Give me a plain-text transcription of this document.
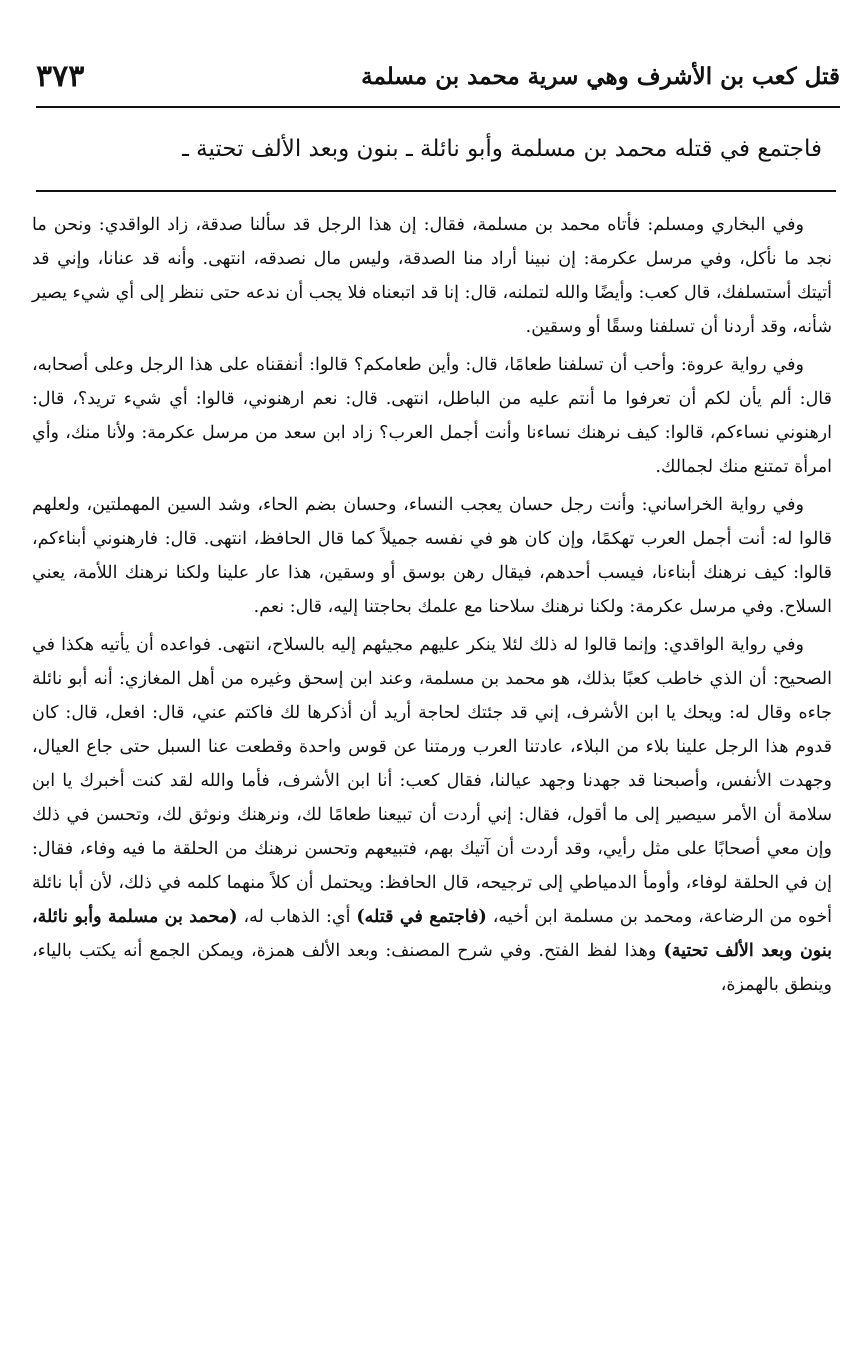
قتل كعب بن الأشرف وهي سرية محمد بن مسلمة
٣٧٣
فاجتمع في قتله محمد بن مسلمة وأبو نائلة ـ بنون وبعد الألف تحتية ـ

وفي البخاري ومسلم: فأتاه محمد بن مسلمة، فقال: إن هذا الرجل قد سألنا صدقة، زاد الواقدي: ونحن ما نجد ما نأكل، وفي مرسل عكرمة: إن نبينا أراد منا الصدقة، وليس مال نصدقه، انتهى. وأنه قد عنانا، وإني قد أتيتك أستسلفك، قال كعب: وأيضًا والله لتملنه، قال: إنا قد اتبعناه فلا يجب أن ندعه حتى ننظر إلى أي شيء يصير شأنه، وقد أردنا أن تسلفنا وسقًا أو وسقين.

وفي رواية عروة: وأحب أن تسلفنا طعامًا، قال: وأين طعامكم؟ قالوا: أنفقناه على هذا الرجل وعلى أصحابه، قال: ألم يأن لكم أن تعرفوا ما أنتم عليه من الباطل، انتهى. قال: نعم ارهنوني، قالوا: أي شيء تريد؟، قال: ارهنوني نساءكم، قالوا: كيف نرهنك نساءنا وأنت أجمل العرب؟ زاد ابن سعد من مرسل عكرمة: ولأنا منك، وأي امرأة تمتنع منك لجمالك.

وفي رواية الخراساني: وأنت رجل حسان يعجب النساء، وحسان بضم الحاء، وشد السين المهملتين، ولعلهم قالوا له: أنت أجمل العرب تهكمًا، وإن كان هو في نفسه جميلاً كما قال الحافظ، انتهى. قال: فارهنوني أبناءكم، قالوا: كيف نرهنك أبناءنا، فيسب أحدهم، فيقال رهن بوسق أو وسقين، هذا عار علينا ولكنا نرهنك اللأمة، يعني السلاح. وفي مرسل عكرمة: ولكنا نرهنك سلاحنا مع علمك بحاجتنا إليه، قال: نعم.

وفي رواية الواقدي: وإنما قالوا له ذلك لئلا ينكر عليهم مجيئهم إليه بالسلاح، انتهى. فواعده أن يأتيه هكذا في الصحيح: أن الذي خاطب كعبًا بذلك، هو محمد بن مسلمة، وعند ابن إسحق وغيره من أهل المغازي: أنه أبو نائلة جاءه وقال له: ويحك يا ابن الأشرف، إني قد جئتك لحاجة أريد أن أذكرها لك فاكتم عني، قال: افعل، قال: كان قدوم هذا الرجل علينا بلاء من البلاء، عادتنا العرب ورمتنا عن قوس واحدة وقطعت عنا السبل حتى جاع العيال، وجهدت الأنفس، وأصبحنا قد جهدنا وجهد عيالنا، فقال كعب: أنا ابن الأشرف، فأما والله لقد كنت أخبرك يا ابن سلامة أن الأمر سيصير إلى ما أقول، فقال: إني أردت أن تبيعنا طعامًا لك، ونرهنك ونوثق لك، وتحسن في ذلك وإن معي أصحابًا على مثل رأيي، وقد أردت أن آتيك بهم، فتبيعهم وتحسن نرهنك من الحلقة ما فيه وفاء، فقال: إن في الحلقة لوفاء، وأومأ الدمياطي إلى ترجيحه، قال الحافظ: ويحتمل أن كلاً منهما كلمه في ذلك، لأن أبا نائلة أخوه من الرضاعة، ومحمد بن مسلمة ابن أخيه، (فاجتمع في قتله) أي: الذهاب له، (محمد بن مسلمة وأبو نائلة، بنون وبعد الألف تحتية) وهذا لفظ الفتح. وفي شرح المصنف: وبعد الألف همزة، ويمكن الجمع أنه يكتب بالياء، وينطق بالهمزة،
